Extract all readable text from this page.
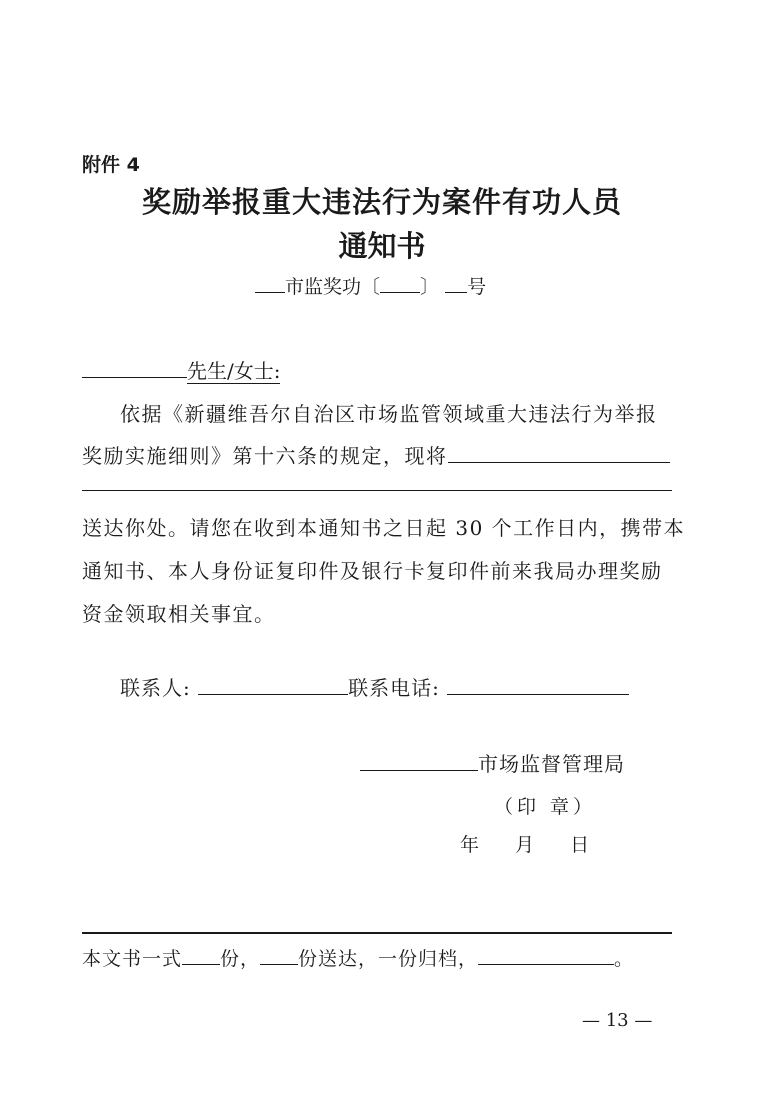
附件 4
奖励举报重大违法行为案件有功人员
通知书
市监奖功〔 〕 号
先生/女士:
依据《新疆维吾尔自治区市场监管领域重大违法行为举报
奖励实施细则》第十六条的规定，现将
送达你处。请您在收到本通知书之日起 30 个工作日内，携带本
通知书、本人身份证复印件及银行卡复印件前来我局办理奖励
资金领取相关事宜。
联系人:	联系电话:
市场监督管理局
（印 章）
年 月 日
本文书一式 份， 份送达，一份归档，	。
— 13 —
